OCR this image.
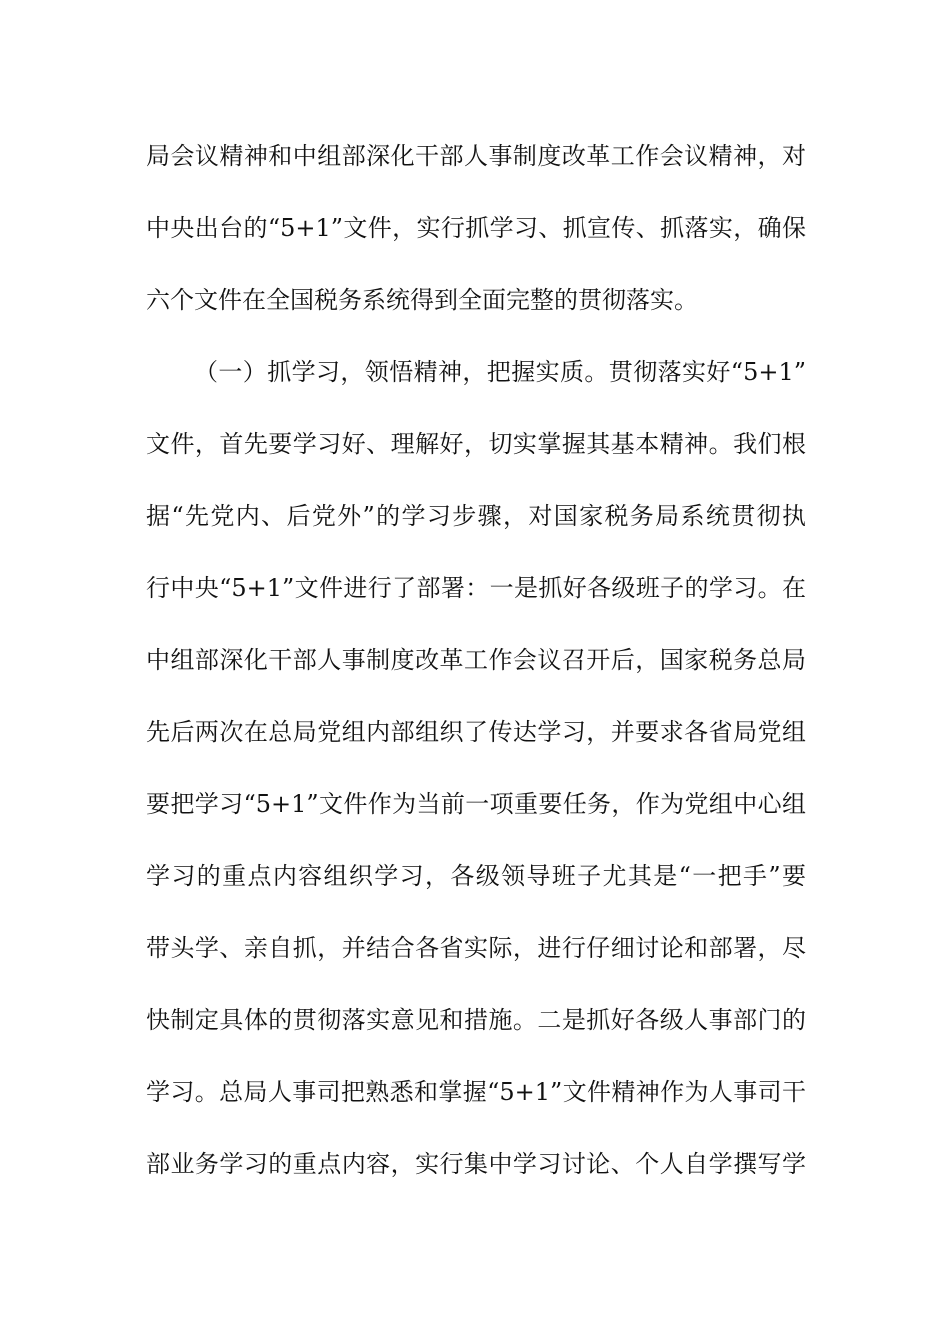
局会议精神和中组部深化干部人事制度改革工作会议精神，对
中央出台的“5+1”文件，实行抓学习、抓宣传、抓落实，确保
六个文件在全国税务系统得到全面完整的贯彻落实。
（一）抓学习，领悟精神，把握实质。贯彻落实好“5+1”
文件，首先要学习好、理解好，切实掌握其基本精神。我们根
据“先党内、后党外”的学习步骤，对国家税务局系统贯彻执
行中央“5+1”文件进行了部署：一是抓好各级班子的学习。在
中组部深化干部人事制度改革工作会议召开后，国家税务总局
先后两次在总局党组内部组织了传达学习，并要求各省局党组
要把学习“5+1”文件作为当前一项重要任务，作为党组中心组
学习的重点内容组织学习，各级领导班子尤其是“一把手”要
带头学、亲自抓，并结合各省实际，进行仔细讨论和部署，尽
快制定具体的贯彻落实意见和措施。二是抓好各级人事部门的
学习。总局人事司把熟悉和掌握“5+1”文件精神作为人事司干
部业务学习的重点内容，实行集中学习讨论、个人自学撰写学
